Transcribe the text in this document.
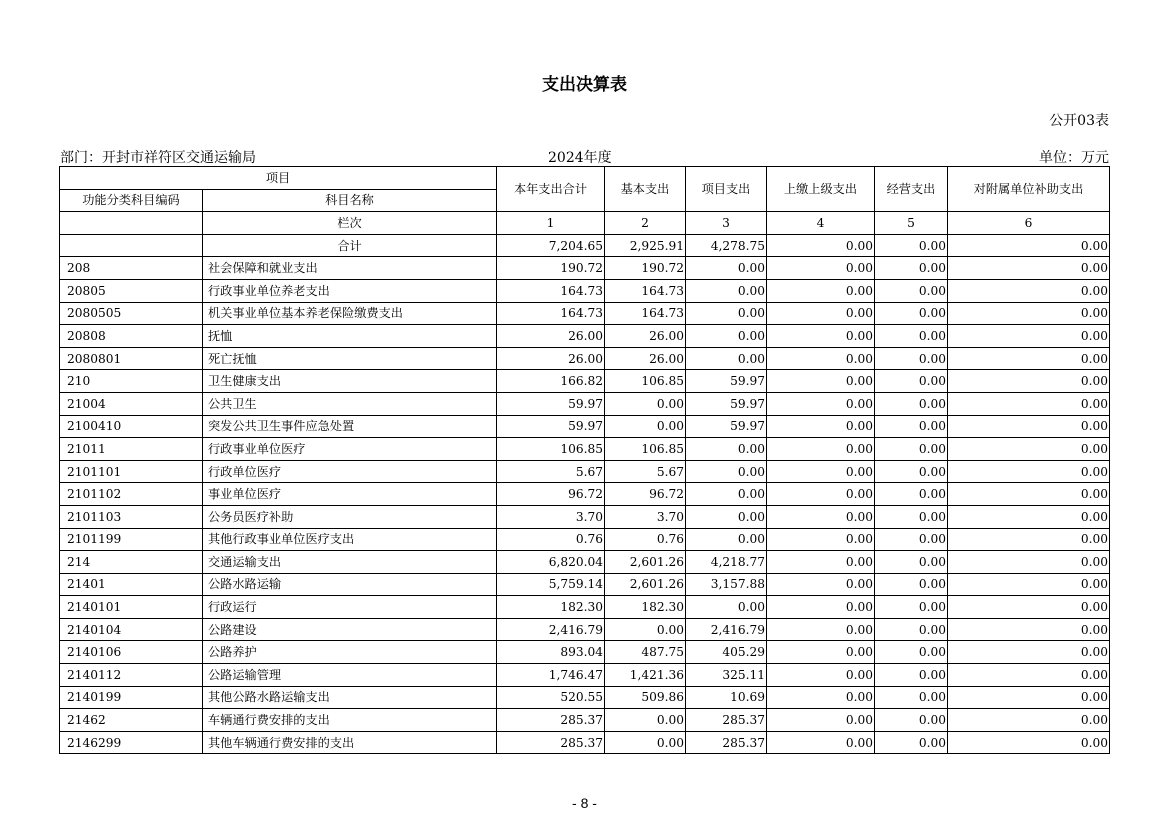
支出决算表
公开03表
部门：开封市祥符区交通运输局	2024年度	单位：万元
项目		本年支出合计	基本支出	项目支出	上缴上级支出	经营支出	对附属单位补助支出
功能分类科目编码	科目名称						
	栏次	1	2	3	4	5	6
	合计	7,204.65	2,925.91	4,278.75	0.00	0.00	0.00
208	社会保障和就业支出	190.72	190.72	0.00	0.00	0.00	0.00
20805	行政事业单位养老支出	164.73	164.73	0.00	0.00	0.00	0.00
2080505	机关事业单位基本养老保险缴费支出	164.73	164.73	0.00	0.00	0.00	0.00
20808	抚恤	26.00	26.00	0.00	0.00	0.00	0.00
2080801	死亡抚恤	26.00	26.00	0.00	0.00	0.00	0.00
210	卫生健康支出	166.82	106.85	59.97	0.00	0.00	0.00
21004	公共卫生	59.97	0.00	59.97	0.00	0.00	0.00
2100410	突发公共卫生事件应急处置	59.97	0.00	59.97	0.00	0.00	0.00
21011	行政事业单位医疗	106.85	106.85	0.00	0.00	0.00	0.00
2101101	行政单位医疗	5.67	5.67	0.00	0.00	0.00	0.00
2101102	事业单位医疗	96.72	96.72	0.00	0.00	0.00	0.00
2101103	公务员医疗补助	3.70	3.70	0.00	0.00	0.00	0.00
2101199	其他行政事业单位医疗支出	0.76	0.76	0.00	0.00	0.00	0.00
214	交通运输支出	6,820.04	2,601.26	4,218.77	0.00	0.00	0.00
21401	公路水路运输	5,759.14	2,601.26	3,157.88	0.00	0.00	0.00
2140101	行政运行	182.30	182.30	0.00	0.00	0.00	0.00
2140104	公路建设	2,416.79	0.00	2,416.79	0.00	0.00	0.00
2140106	公路养护	893.04	487.75	405.29	0.00	0.00	0.00
2140112	公路运输管理	1,746.47	1,421.36	325.11	0.00	0.00	0.00
2140199	其他公路水路运输支出	520.55	509.86	10.69	0.00	0.00	0.00
21462	车辆通行费安排的支出	285.37	0.00	285.37	0.00	0.00	0.00
2146299	其他车辆通行费安排的支出	285.37	0.00	285.37	0.00	0.00	0.00
- 8 -
